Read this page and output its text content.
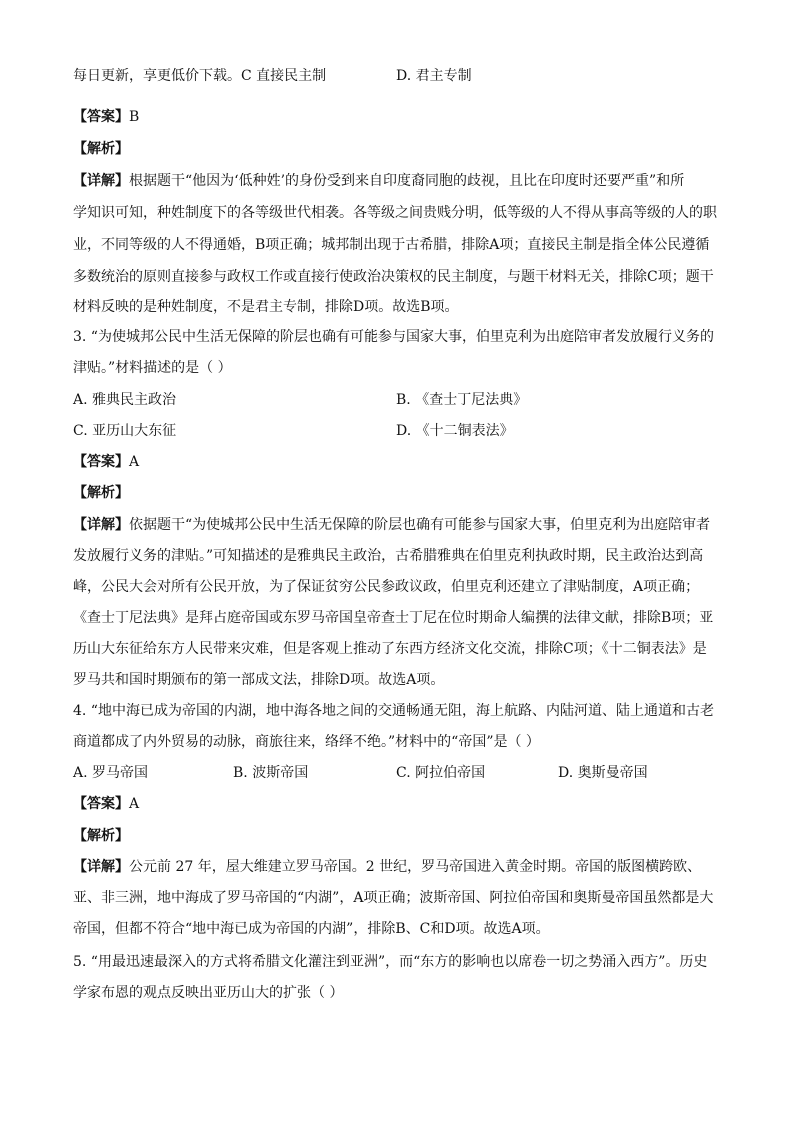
每日更新，享更低价下载。C 直接民主制	D. 君主专制
【答案】B
【解析】
【详解】根据题干“他因为‘低种姓’的身份受到来自印度裔同胞的歧视，且比在印度时还要严重”和所
学知识可知，种姓制度下的各等级世代相袭。各等级之间贵贱分明，低等级的人不得从事高等级的人的职
业，不同等级的人不得通婚，B项正确；城邦制出现于古希腊，排除A项；直接民主制是指全体公民遵循
多数统治的原则直接参与政权工作或直接行使政治决策权的民主制度，与题干材料无关，排除C项；题干
材料反映的是种姓制度，不是君主专制，排除D项。故选B项。
3. “为使城邦公民中生活无保障的阶层也确有可能参与国家大事，伯里克利为出庭陪审者发放履行义务的
津贴。”材料描述的是（ ）
A. 雅典民主政治	B. 《查士丁尼法典》
C. 亚历山大东征	D. 《十二铜表法》
【答案】A
【解析】
【详解】依据题干“为使城邦公民中生活无保障的阶层也确有可能参与国家大事，伯里克利为出庭陪审者
发放履行义务的津贴。”可知描述的是雅典民主政治，古希腊雅典在伯里克利执政时期，民主政治达到高
峰，公民大会对所有公民开放，为了保证贫穷公民参政议政，伯里克利还建立了津贴制度，A项正确；
《查士丁尼法典》是拜占庭帝国或东罗马帝国皇帝查士丁尼在位时期命人编撰的法律文献，排除B项；亚
历山大东征给东方人民带来灾难，但是客观上推动了东西方经济文化交流，排除C项；《十二铜表法》是
罗马共和国时期颁布的第一部成文法，排除D项。故选A项。
4. “地中海已成为帝国的内湖，地中海各地之间的交通畅通无阻，海上航路、内陆河道、陆上通道和古老
商道都成了内外贸易的动脉，商旅往来，络绎不绝。”材料中的“帝国”是（ ）
A. 罗马帝国	B. 波斯帝国	C. 阿拉伯帝国	D. 奥斯曼帝国
【答案】A
【解析】
【详解】公元前 27 年，屋大维建立罗马帝国。2 世纪，罗马帝国进入黄金时期。帝国的版图横跨欧、
亚、非三洲，地中海成了罗马帝国的“内湖”，A项正确；波斯帝国、阿拉伯帝国和奥斯曼帝国虽然都是大
帝国，但都不符合“地中海已成为帝国的内湖”，排除B、C和D项。故选A项。
5. “用最迅速最深入的方式将希腊文化灌注到亚洲”，而“东方的影响也以席卷一切之势涌入西方”。历史
学家布恩的观点反映出亚历山大的扩张（ ）
